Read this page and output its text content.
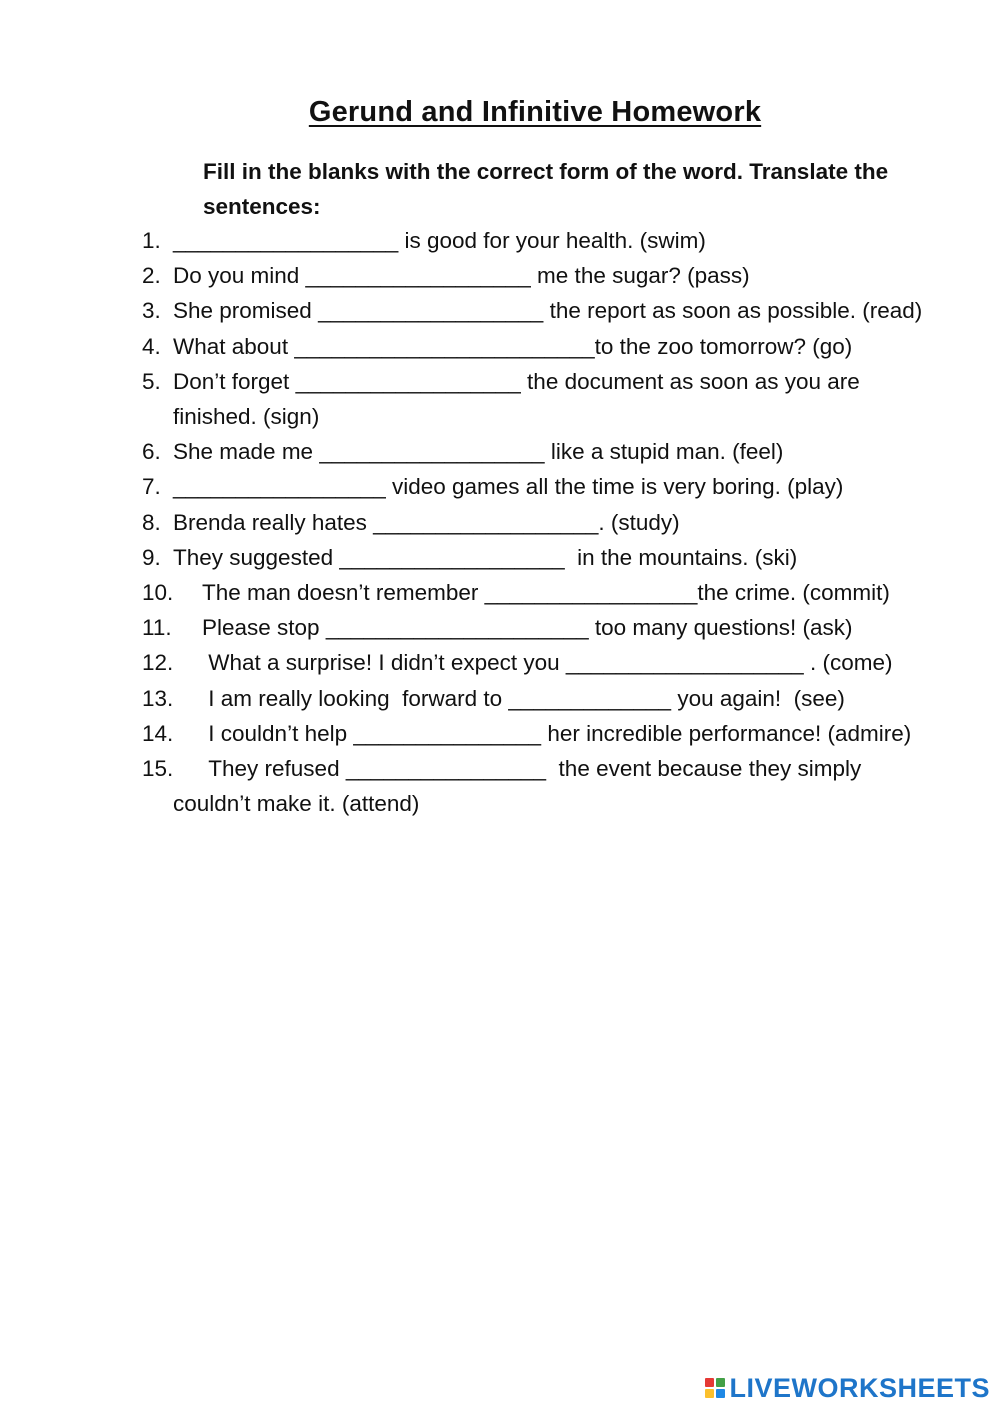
Gerund and Infinitive Homework
Fill in the blanks with the correct form of the word. Translate the sentences:
1. __________________ is good for your health. (swim)
2. Do you mind __________________ me the sugar? (pass)
3. She promised __________________ the report as soon as possible. (read)
4. What about ________________________to the zoo tomorrow? (go)
5. Don’t forget __________________ the document as soon as you are finished. (sign)
6. She made me __________________ like a stupid man. (feel)
7. _________________ video games all the time is very boring. (play)
8. Brenda really hates __________________. (study)
9. They suggested __________________  in the mountains. (ski)
10.	The man doesn’t remember _________________the crime. (commit)
11.	Please stop _____________________ too many questions! (ask)
12.	What a surprise! I didn’t expect you ___________________ . (come)
13.	I am really looking  forward to _____________ you again!  (see)
14.	I couldn’t help _______________ her incredible performance! (admire)
15.	They refused ________________  the event because they simply couldn’t make it. (attend)
LIVEWORKSHEETS
